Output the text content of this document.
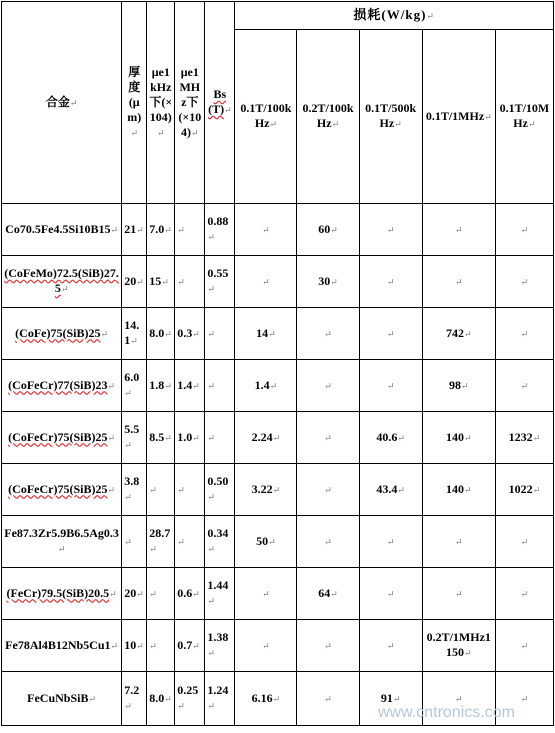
合金↵	厚度(μm)↵	μe1kHz下(×104)↵	μe1MHz下(×104)↵	Bs(T)↵	损耗(W/kg)↵				
					0.1T/100kHz↵	0.2T/100kHz↵	0.1T/500kHz↵	0.1T/1MHz↵	0.1T/10MHz↵
Co70.5Fe4.5Si10B15↵	21↵	7.0↵	↵	0.88↵	↵	60↵	↵	↵	↵
(CoFeMo)72.5(SiB)27.5↵	20↵	15↵	↵	0.55↵	↵	30↵	↵	↵	↵
(CoFe)75(SiB)25↵	14.1↵	8.0↵	0.3↵	↵	14↵	↵	↵	742↵	↵
(CoFeCr)77(SiB)23↵	6.0↵	1.8↵	1.4↵	↵	1.4↵	↵	↵	98↵	↵
(CoFeCr)75(SiB)25↵	5.5↵	8.5↵	1.0↵	↵	2.24↵	↵	40.6↵	140↵	1232↵
(CoFeCr)75(SiB)25↵	3.8↵	↵	↵	0.50↵	3.22↵	↵	43.4↵	140↵	1022↵
Fe87.3Zr5.9B6.5Ag0.3↵	↵	28.7↵	↵	0.34↵	50↵	↵	↵	↵	↵
(FeCr)79.5(SiB)20.5↵	20↵	↵	0.6↵	1.44↵	↵	64↵	↵	↵	↵
Fe78Al4B12Nb5Cu1↵	10↵	↵	0.7↵	1.38↵	↵	↵	↵	0.2T/1MHz1150↵	↵
FeCuNbSiB↵	7.2↵	8.0↵	0.25↵	1.24↵	6.16↵	↵	91↵	↵	↵
www.cntronics.com
